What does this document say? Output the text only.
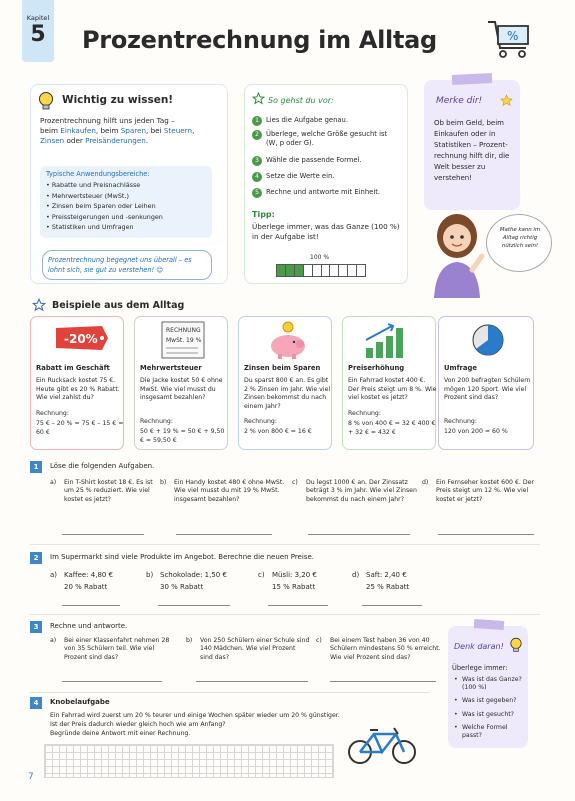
Kapitel
5	Prozentrechnung im Alltag	%
Wichtig zu wissen!
Prozentrechnung hilft uns jeden Tag –
beim Einkaufen, beim Sparen, bei Steuern,
Zinsen oder Preisänderungen.
Typische Anwendungsbereiche:
• Rabatte und Preisnachlässe
• Mehrwertsteuer (MwSt.)
• Zinsen beim Sparen oder Leihen
• Preissteigerungen und -senkungen
• Statistiken und Umfragen
Prozentrechnung begegnet uns überall – es lohnt sich, sie gut zu verstehen! 😊
So gehst du vor:
1 Lies die Aufgabe genau.
2 Überlege, welche Größe gesucht ist (W, p oder G).
3 Wähle die passende Formel.
4 Setze die Werte ein.
5 Rechne und antworte mit Einheit.
Tipp:
Überlege immer, was das Ganze (100 %) in der Aufgabe ist!
100 %
Merke dir!
Ob beim Geld, beim Einkaufen oder in Statistiken – Prozent-rechnung hilft dir, die Welt besser zu verstehen!
Mathe kann im Alltag richtig nützlich sein!
Beispiele aus dem Alltag
-20%
Rabatt im Geschäft
Ein Rucksack kostet 75 €. Heute gibt es 20 % Rabatt. Wie viel zahlst du?
Rechnung:
75 € – 20 % = 75 € – 15 € = 60 €
RECHNUNG
MwSt. 19 %
Mehrwertsteuer
Die Jacke kostet 50 € ohne MwSt. Wie viel musst du insgesamt bezahlen?
Rechnung:
50 € + 19 % = 50 € + 9,50 € = 59,50 €
Zinsen beim Sparen
Du sparst 800 € an. Es gibt 2 % Zinsen im Jahr. Wie viel Zinsen bekommst du nach einem Jahr?
Rechnung:
2 % von 800 € = 16 €
Preiserhöhung
Ein Fahrrad kostet 400 €. Der Preis steigt um 8 %. Wie viel kostet es jetzt?
Rechnung:
8 % von 400 € = 32 € 400 € + 32 € = 432 €
Umfrage
Von 200 befragten Schülern mögen 120 Sport. Wie viel Prozent sind das?
Rechnung:
120 von 200 = 60 %
1	Löse die folgenden Aufgaben.
a) Ein T-Shirt kostet 18 €. Es ist um 25 % reduziert. Wie viel kostet es jetzt?
b) Ein Handy kostet 480 € ohne MwSt. Wie viel musst du mit 19 % MwSt. insgesamt bezahlen?
c) Du legst 1000 € an. Der Zinssatz beträgt 3 % im Jahr. Wie viel Zinsen bekommst du nach einem Jahr?
d) Ein Fernseher kostet 600 €. Der Preis steigt um 12 %. Wie viel kostet er jetzt?
2	Im Supermarkt sind viele Produkte im Angebot. Berechne die neuen Preise.
a) Kaffee: 4,80 €
20 % Rabatt
b) Schokolade: 1,50 €
30 % Rabatt
c) Müsli: 3,20 €
15 % Rabatt
d) Saft: 2,40 €
25 % Rabatt
3	Rechne und antworte.
a) Bei einer Klassenfahrt nehmen 28 von 35 Schülern teil. Wie viel Prozent sind das?
b) Von 250 Schülern einer Schule sind 140 Mädchen. Wie viel Prozent sind das?
c) Bei einem Test haben 36 von 40 Schülern mindestens 50 % erreicht. Wie viel Prozent sind das?
Denk daran!
Überlege immer:
• Was ist das Ganze? (100 %)
• Was ist gegeben?
• Was ist gesucht?
• Welche Formel passt?
4	Knobelaufgabe
Ein Fahrrad wird zuerst um 20 % teurer und einige Wochen später wieder um 20 % günstiger.
Ist der Preis dadurch wieder gleich hoch wie am Anfang?
Begründe deine Antwort mit einer Rechnung.
7
